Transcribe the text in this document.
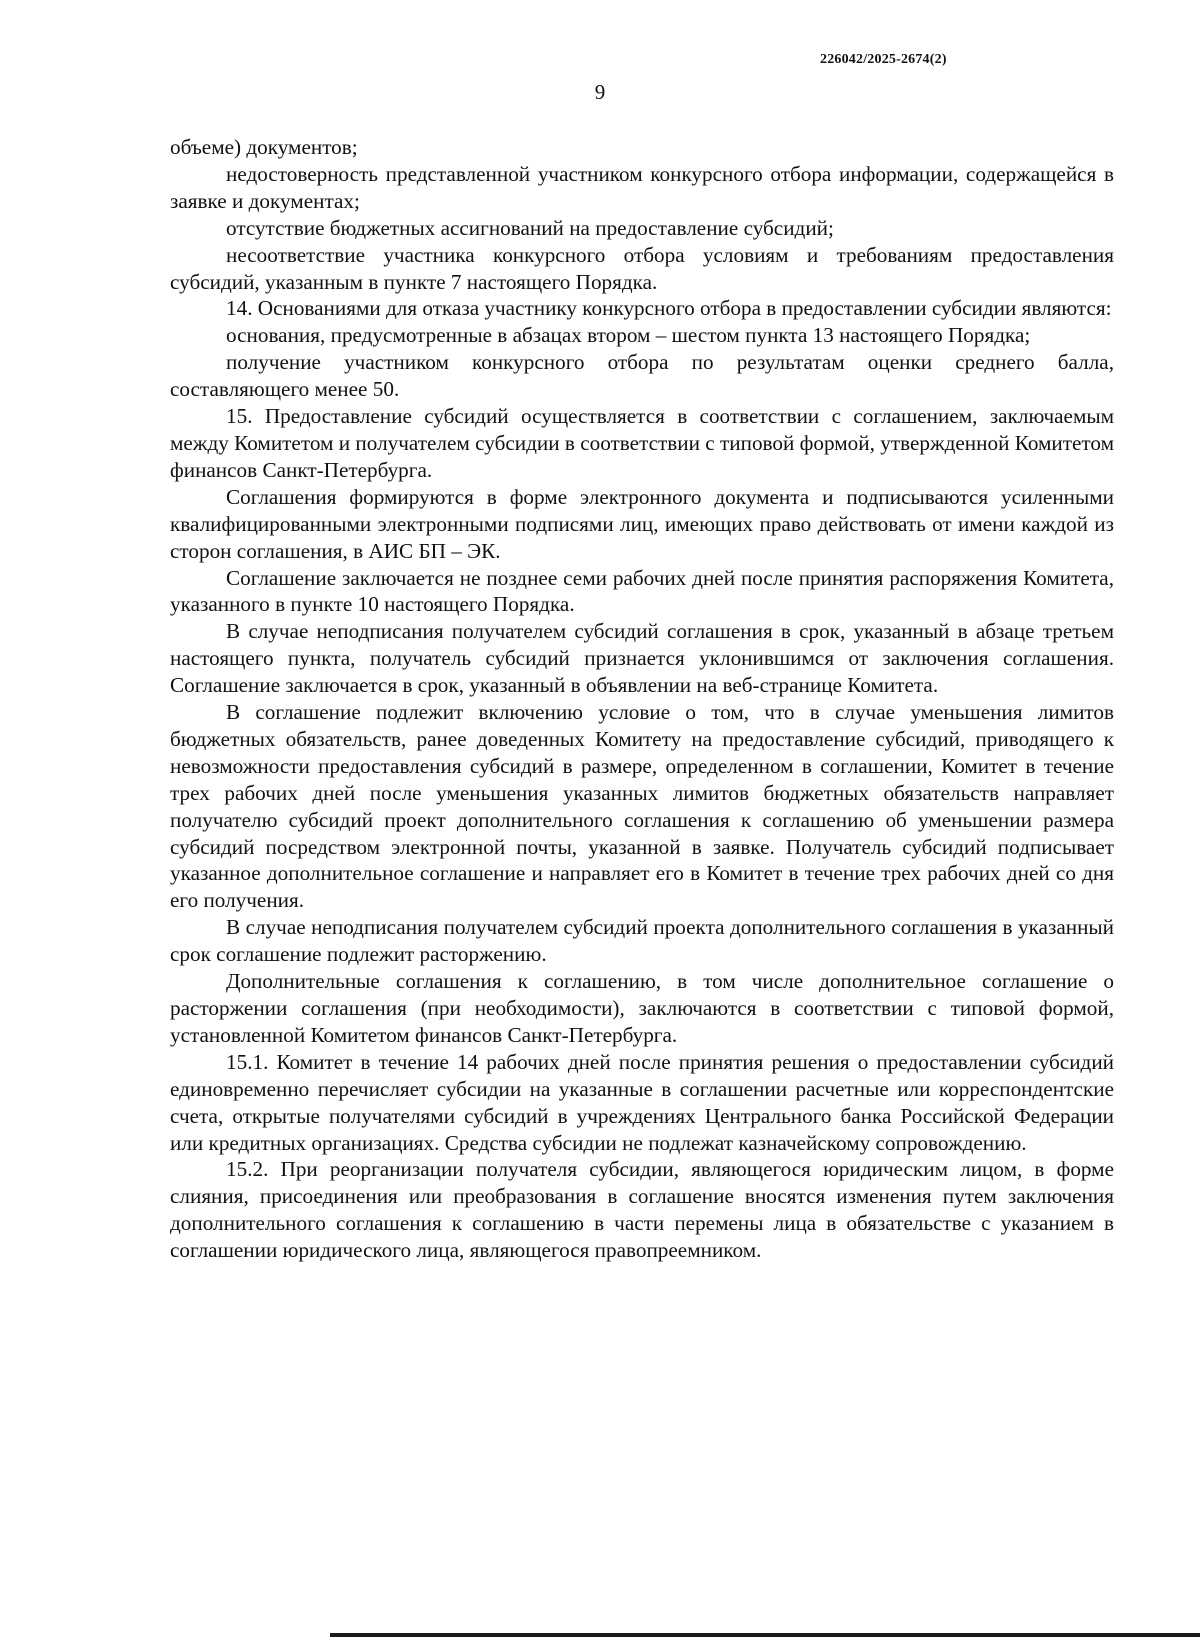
226042/2025-2674(2)
9

объеме) документов;

недостоверность представленной участником конкурсного отбора информации, содержащейся в заявке и документах;

отсутствие бюджетных ассигнований на предоставление субсидий;

несоответствие участника конкурсного отбора условиям и требованиям предоставления субсидий, указанным в пункте 7 настоящего Порядка.

14. Основаниями для отказа участнику конкурсного отбора в предоставлении субсидии являются:

основания, предусмотренные в абзацах втором – шестом пункта 13 настоящего Порядка;

получение участником конкурсного отбора по результатам оценки среднего балла, составляющего менее 50.

15. Предоставление субсидий осуществляется в соответствии с соглашением, заключаемым между Комитетом и получателем субсидии в соответствии с типовой формой, утвержденной Комитетом финансов Санкт-Петербурга.

Соглашения формируются в форме электронного документа и подписываются усиленными квалифицированными электронными подписями лиц, имеющих право действовать от имени каждой из сторон соглашения, в АИС БП – ЭК.

Соглашение заключается не позднее семи рабочих дней после принятия распоряжения Комитета, указанного в пункте 10 настоящего Порядка.

В случае неподписания получателем субсидий соглашения в срок, указанный в абзаце третьем настоящего пункта, получатель субсидий признается уклонившимся от заключения соглашения. Соглашение заключается в срок, указанный в объявлении на веб-странице Комитета.

В соглашение подлежит включению условие о том, что в случае уменьшения лимитов бюджетных обязательств, ранее доведенных Комитету на предоставление субсидий, приводящего к невозможности предоставления субсидий в размере, определенном в соглашении, Комитет в течение трех рабочих дней после уменьшения указанных лимитов бюджетных обязательств направляет получателю субсидий проект дополнительного соглашения к соглашению об уменьшении размера субсидий посредством электронной почты, указанной в заявке. Получатель субсидий подписывает указанное дополнительное соглашение и направляет его в Комитет в течение трех рабочих дней со дня его получения.

В случае неподписания получателем субсидий проекта дополнительного соглашения в указанный срок соглашение подлежит расторжению.

Дополнительные соглашения к соглашению, в том числе дополнительное соглашение о расторжении соглашения (при необходимости), заключаются в соответствии с типовой формой, установленной Комитетом финансов Санкт-Петербурга.

15.1. Комитет в течение 14 рабочих дней после принятия решения о предоставлении субсидий единовременно перечисляет субсидии на указанные в соглашении расчетные или корреспондентские счета, открытые получателями субсидий в учреждениях Центрального банка Российской Федерации или кредитных организациях. Средства субсидии не подлежат казначейскому сопровождению.

15.2. При реорганизации получателя субсидии, являющегося юридическим лицом, в форме слияния, присоединения или преобразования в соглашение вносятся изменения путем заключения дополнительного соглашения к соглашению в части перемены лица в обязательстве с указанием в соглашении юридического лица, являющегося правопреемником.
